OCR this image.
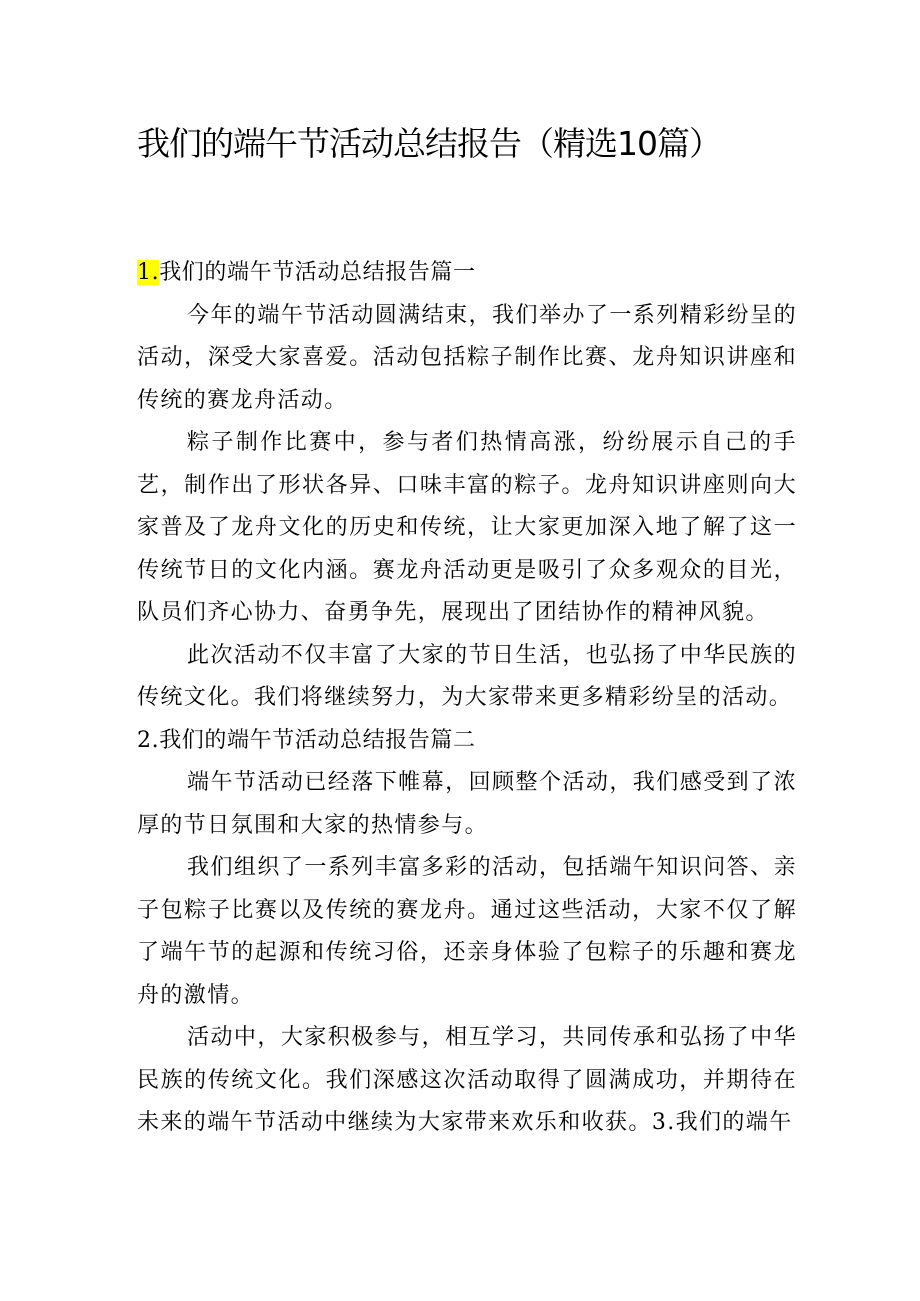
我们的端午节活动总结报告（精选10篇）

1.我们的端午节活动总结报告篇一

今年的端午节活动圆满结束，我们举办了一系列精彩纷呈的活动，深受大家喜爱。活动包括粽子制作比赛、龙舟知识讲座和传统的赛龙舟活动。

粽子制作比赛中，参与者们热情高涨，纷纷展示自己的手艺，制作出了形状各异、口味丰富的粽子。龙舟知识讲座则向大家普及了龙舟文化的历史和传统，让大家更加深入地了解了这一传统节日的文化内涵。赛龙舟活动更是吸引了众多观众的目光，队员们齐心协力、奋勇争先，展现出了团结协作的精神风貌。

此次活动不仅丰富了大家的节日生活，也弘扬了中华民族的传统文化。我们将继续努力，为大家带来更多精彩纷呈的活动。

2.我们的端午节活动总结报告篇二

端午节活动已经落下帷幕，回顾整个活动，我们感受到了浓厚的节日氛围和大家的热情参与。

我们组织了一系列丰富多彩的活动，包括端午知识问答、亲子包粽子比赛以及传统的赛龙舟。通过这些活动，大家不仅了解了端午节的起源和传统习俗，还亲身体验了包粽子的乐趣和赛龙舟的激情。

活动中，大家积极参与，相互学习，共同传承和弘扬了中华民族的传统文化。我们深感这次活动取得了圆满成功，并期待在未来的端午节活动中继续为大家带来欢乐和收获。3.我们的端午
